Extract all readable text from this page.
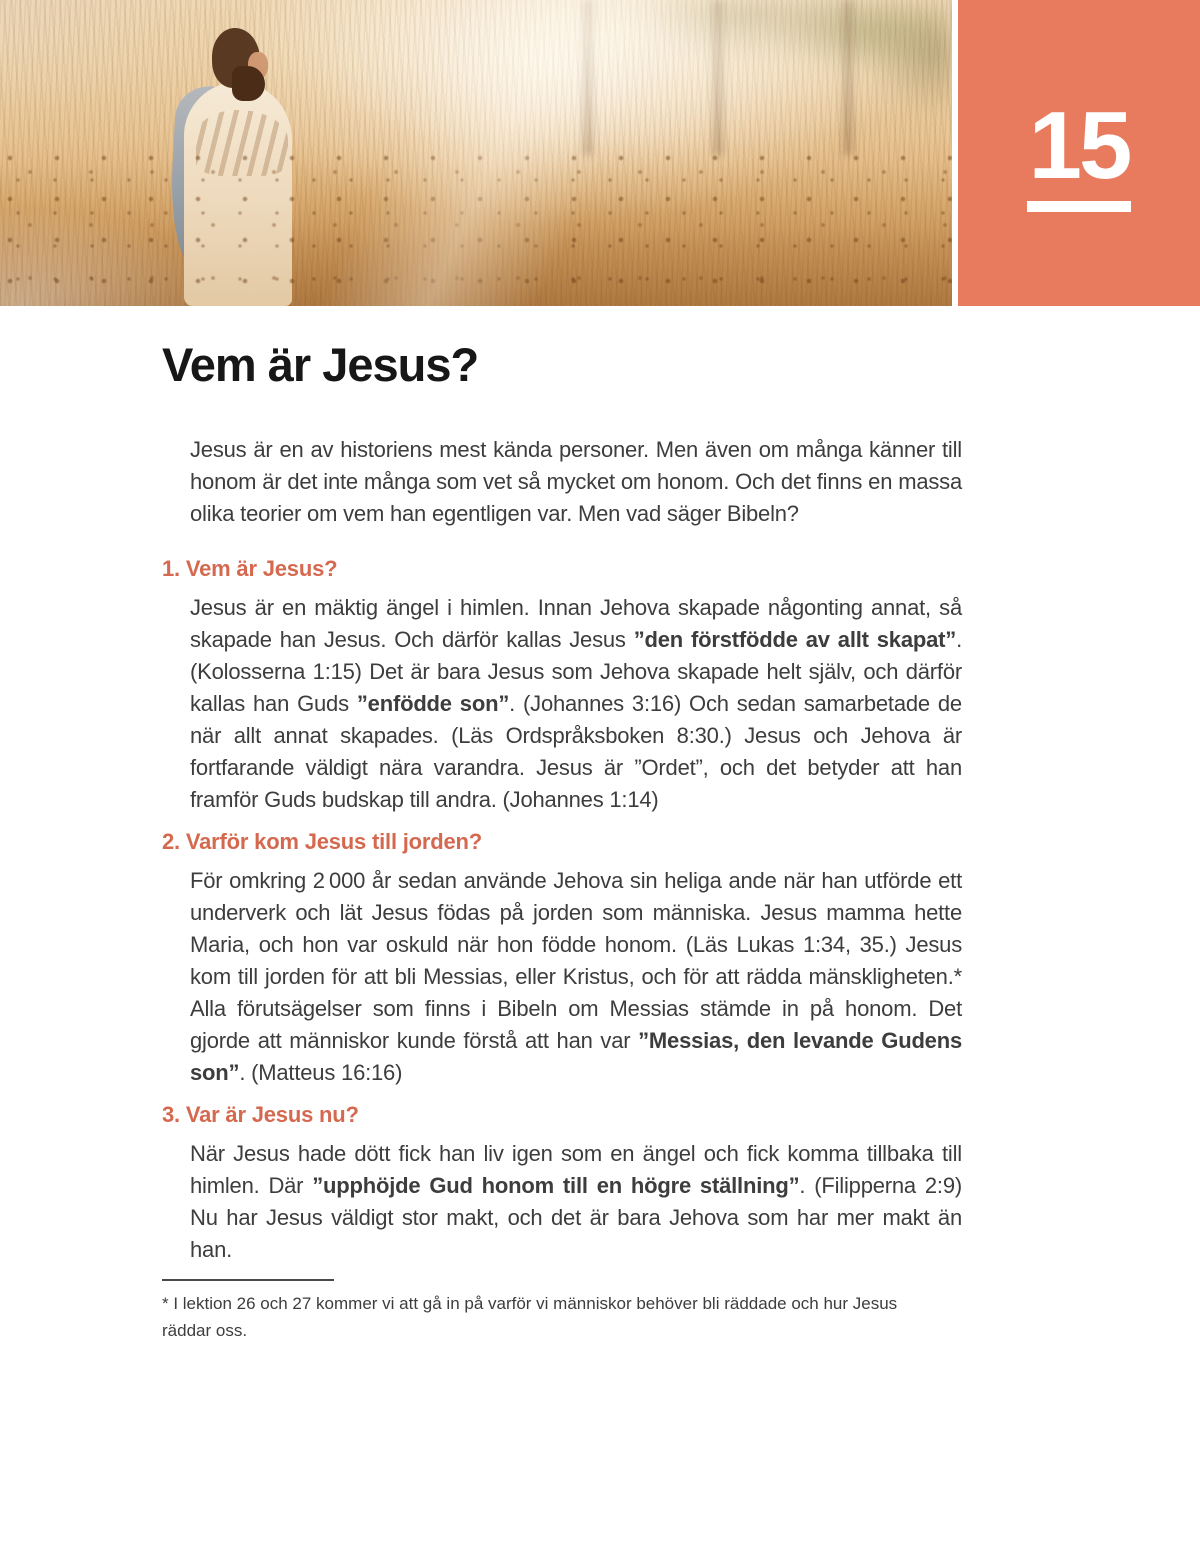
15
Vem är Jesus?

Jesus är en av historiens mest kända personer. Men även om många känner till honom är det inte många som vet så mycket om honom. Och det finns en massa olika teorier om vem han egentligen var. Men vad säger Bibeln?

1. Vem är Jesus?

Jesus är en mäktig ängel i himlen. Innan Jehova skapade någonting annat, så skapade han Jesus. Och därför kallas Jesus ”den förstfödde av allt skapat”. (Kolosserna 1:15) Det är bara Jesus som Jehova skapade helt själv, och därför kallas han Guds ”enfödde son”. (Johannes 3:16) Och sedan samarbetade de när allt annat skapades. (Läs Ordspråksboken 8:30.) Jesus och Jehova är fortfarande väldigt nära varandra. Jesus är ”Ordet”, och det betyder att han framför Guds budskap till andra. (Johannes 1:14)

2. Varför kom Jesus till jorden?

För omkring 2 000 år sedan använde Jehova sin heliga ande när han utförde ett underverk och lät Jesus födas på jorden som människa. Jesus mamma hette Maria, och hon var oskuld när hon födde honom. (Läs Lukas 1:34, 35.) Jesus kom till jorden för att bli Messias, eller Kristus, och för att rädda mänskligheten.* Alla förutsägelser som finns i Bibeln om Messias stämde in på honom. Det gjorde att människor kunde förstå att han var ”Messias, den levande Gudens son”. (Matteus 16:16)

3. Var är Jesus nu?

När Jesus hade dött fick han liv igen som en ängel och fick komma tillbaka till himlen. Där ”upphöjde Gud honom till en högre ställning”. (Filipperna 2:9) Nu har Jesus väldigt stor makt, och det är bara Jehova som har mer makt än han.

* I lektion 26 och 27 kommer vi att gå in på varför vi människor behöver bli räddade och hur Jesus räddar oss.
